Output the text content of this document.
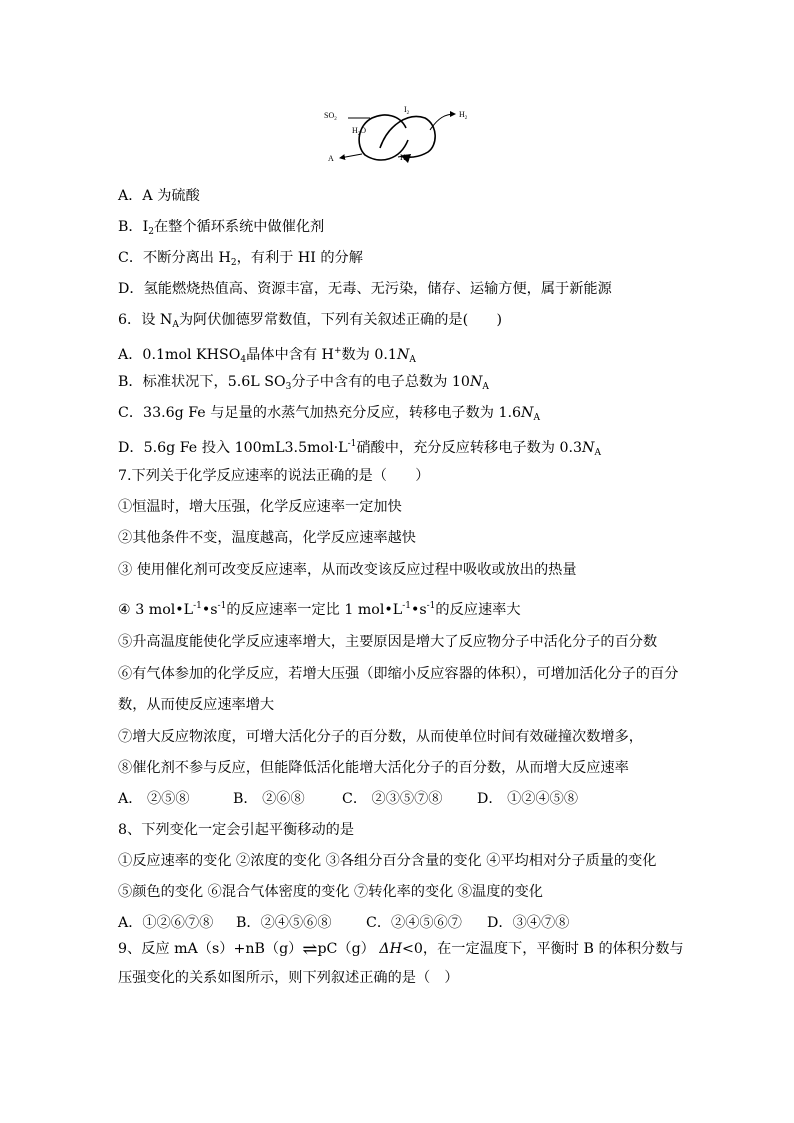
$SO_2$
$H_2O$
A
$I_2$
HI
$H_2$
A．A 为硫酸
B．$I_2$在整个循环系统中做催化剂
C．不断分离出 $H_2$，有利于 HI 的分解
D．氢能燃烧热值高、资源丰富，无毒、无污染，储存、运输方便，属于新能源
6．设 $N_A$为阿伏伽德罗常数值，下列有关叙述正确的是(　　)
A．0.1mol $KHSO_4$晶体中含有 H+数为 $0.1N_A$
B．标准状况下，5.6L $SO_3$分子中含有的电子总数为 $10N_A$
C．33.6g Fe 与足量的水蒸气加热充分反应，转移电子数为 $1.6N_A$
D．5.6g Fe 投入 $100mL3.5mol\cdot L^{-1}$硝酸中，充分反应转移电子数为 $0.3N_A$
7.下列关于化学反应速率的说法正确的是（　　）
①恒温时，增大压强，化学反应速率一定加快
②其他条件不变，温度越高，化学反应速率越快
③ 使用催化剂可改变反应速率，从而改变该反应过程中吸收或放出的热量
④ 3 $mol•L^{-1}•s^{-1}$的反应速率一定比 1 $mol•L^{-1}•s^{-1}$的反应速率大
⑤升高温度能使化学反应速率增大，主要原因是增大了反应物分子中活化分子的百分数
⑥有气体参加的化学反应，若增大压强（即缩小反应容器的体积），可增加活化分子的百分
数，从而使反应速率增大
⑦增大反应物浓度，可增大活化分子的百分数，从而使单位时间有效碰撞次数增多，
⑧催化剂不参与反应，但能降低活化能增大活化分子的百分数，从而增大反应速率
A． ②⑤⑧	B． ②⑥⑧	C． ②③⑤⑦⑧ D． ①②④⑤⑧
8、下列变化一定会引起平衡移动的是
①反应速率的变化 ②浓度的变化 ③各组分百分含量的变化 ④平均相对分子质量的变化
⑤颜色的变化 ⑥混合气体密度的变化 ⑦转化率的变化 ⑧温度的变化
A．①②⑥⑦⑧ B．②④⑤⑥⑧ C．②④⑤⑥⑦ D．③④⑦⑧
9、反应 mA（s）+nB（g）⇌pC（g） ΔH<0，在一定温度下，平衡时 B 的体积分数与
压强变化的关系如图所示，则下列叙述正确的是（　）
